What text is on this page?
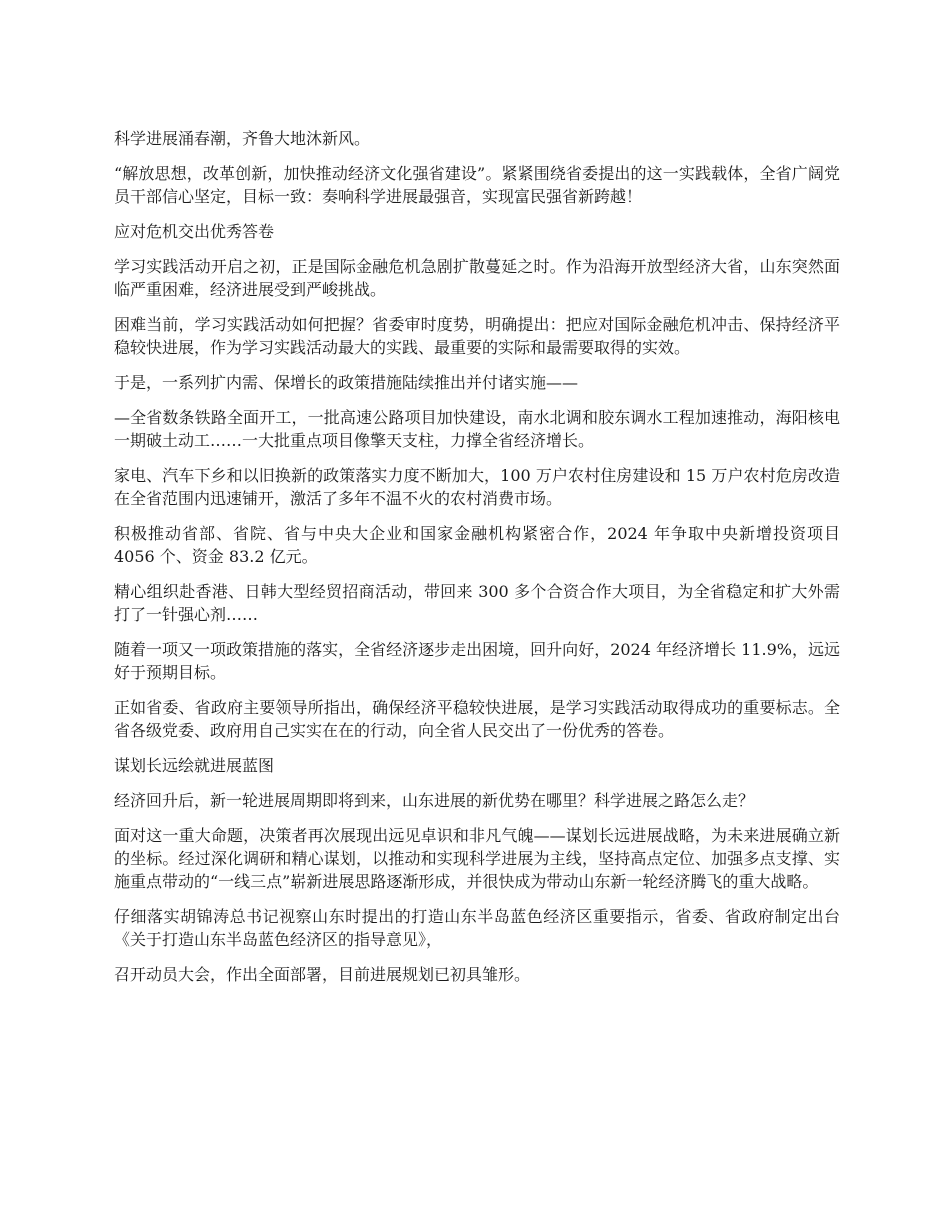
科学进展涌春潮，齐鲁大地沐新风。

“解放思想，改革创新，加快推动经济文化强省建设”。紧紧围绕省委提出的这一实践载体，全省广阔党员干部信心坚定，目标一致：奏响科学进展最强音，实现富民强省新跨越！

应对危机交出优秀答卷

学习实践活动开启之初，正是国际金融危机急剧扩散蔓延之时。作为沿海开放型经济大省，山东突然面临严重困难，经济进展受到严峻挑战。

困难当前，学习实践活动如何把握？省委审时度势，明确提出：把应对国际金融危机冲击、保持经济平稳较快进展，作为学习实践活动最大的实践、最重要的实际和最需要取得的实效。

于是，一系列扩内需、保增长的政策措施陆续推出并付诸实施——

—全省数条铁路全面开工，一批高速公路项目加快建设，南水北调和胶东调水工程加速推动，海阳核电一期破土动工……一大批重点项目像擎天支柱，力撑全省经济增长。

家电、汽车下乡和以旧换新的政策落实力度不断加大，100 万户农村住房建设和 15 万户农村危房改造在全省范围内迅速铺开，激活了多年不温不火的农村消费市场。

积极推动省部、省院、省与中央大企业和国家金融机构紧密合作，2024 年争取中央新增投资项目 4056 个、资金 83.2 亿元。

精心组织赴香港、日韩大型经贸招商活动，带回来 300 多个合资合作大项目，为全省稳定和扩大外需打了一针强心剂……

随着一项又一项政策措施的落实，全省经济逐步走出困境，回升向好，2024 年经济增长 11.9%，远远好于预期目标。

正如省委、省政府主要领导所指出，确保经济平稳较快进展，是学习实践活动取得成功的重要标志。全省各级党委、政府用自己实实在在的行动，向全省人民交出了一份优秀的答卷。

谋划长远绘就进展蓝图

经济回升后，新一轮进展周期即将到来，山东进展的新优势在哪里？科学进展之路怎么走？

面对这一重大命题，决策者再次展现出远见卓识和非凡气魄——谋划长远进展战略，为未来进展确立新的坐标。经过深化调研和精心谋划，以推动和实现科学进展为主线，坚持高点定位、加强多点支撑、实施重点带动的“一线三点”崭新进展思路逐渐形成，并很快成为带动山东新一轮经济腾飞的重大战略。

仔细落实胡锦涛总书记视察山东时提出的打造山东半岛蓝色经济区重要指示，省委、省政府制定出台《关于打造山东半岛蓝色经济区的指导意见》，

召开动员大会，作出全面部署，目前进展规划已初具雏形。
